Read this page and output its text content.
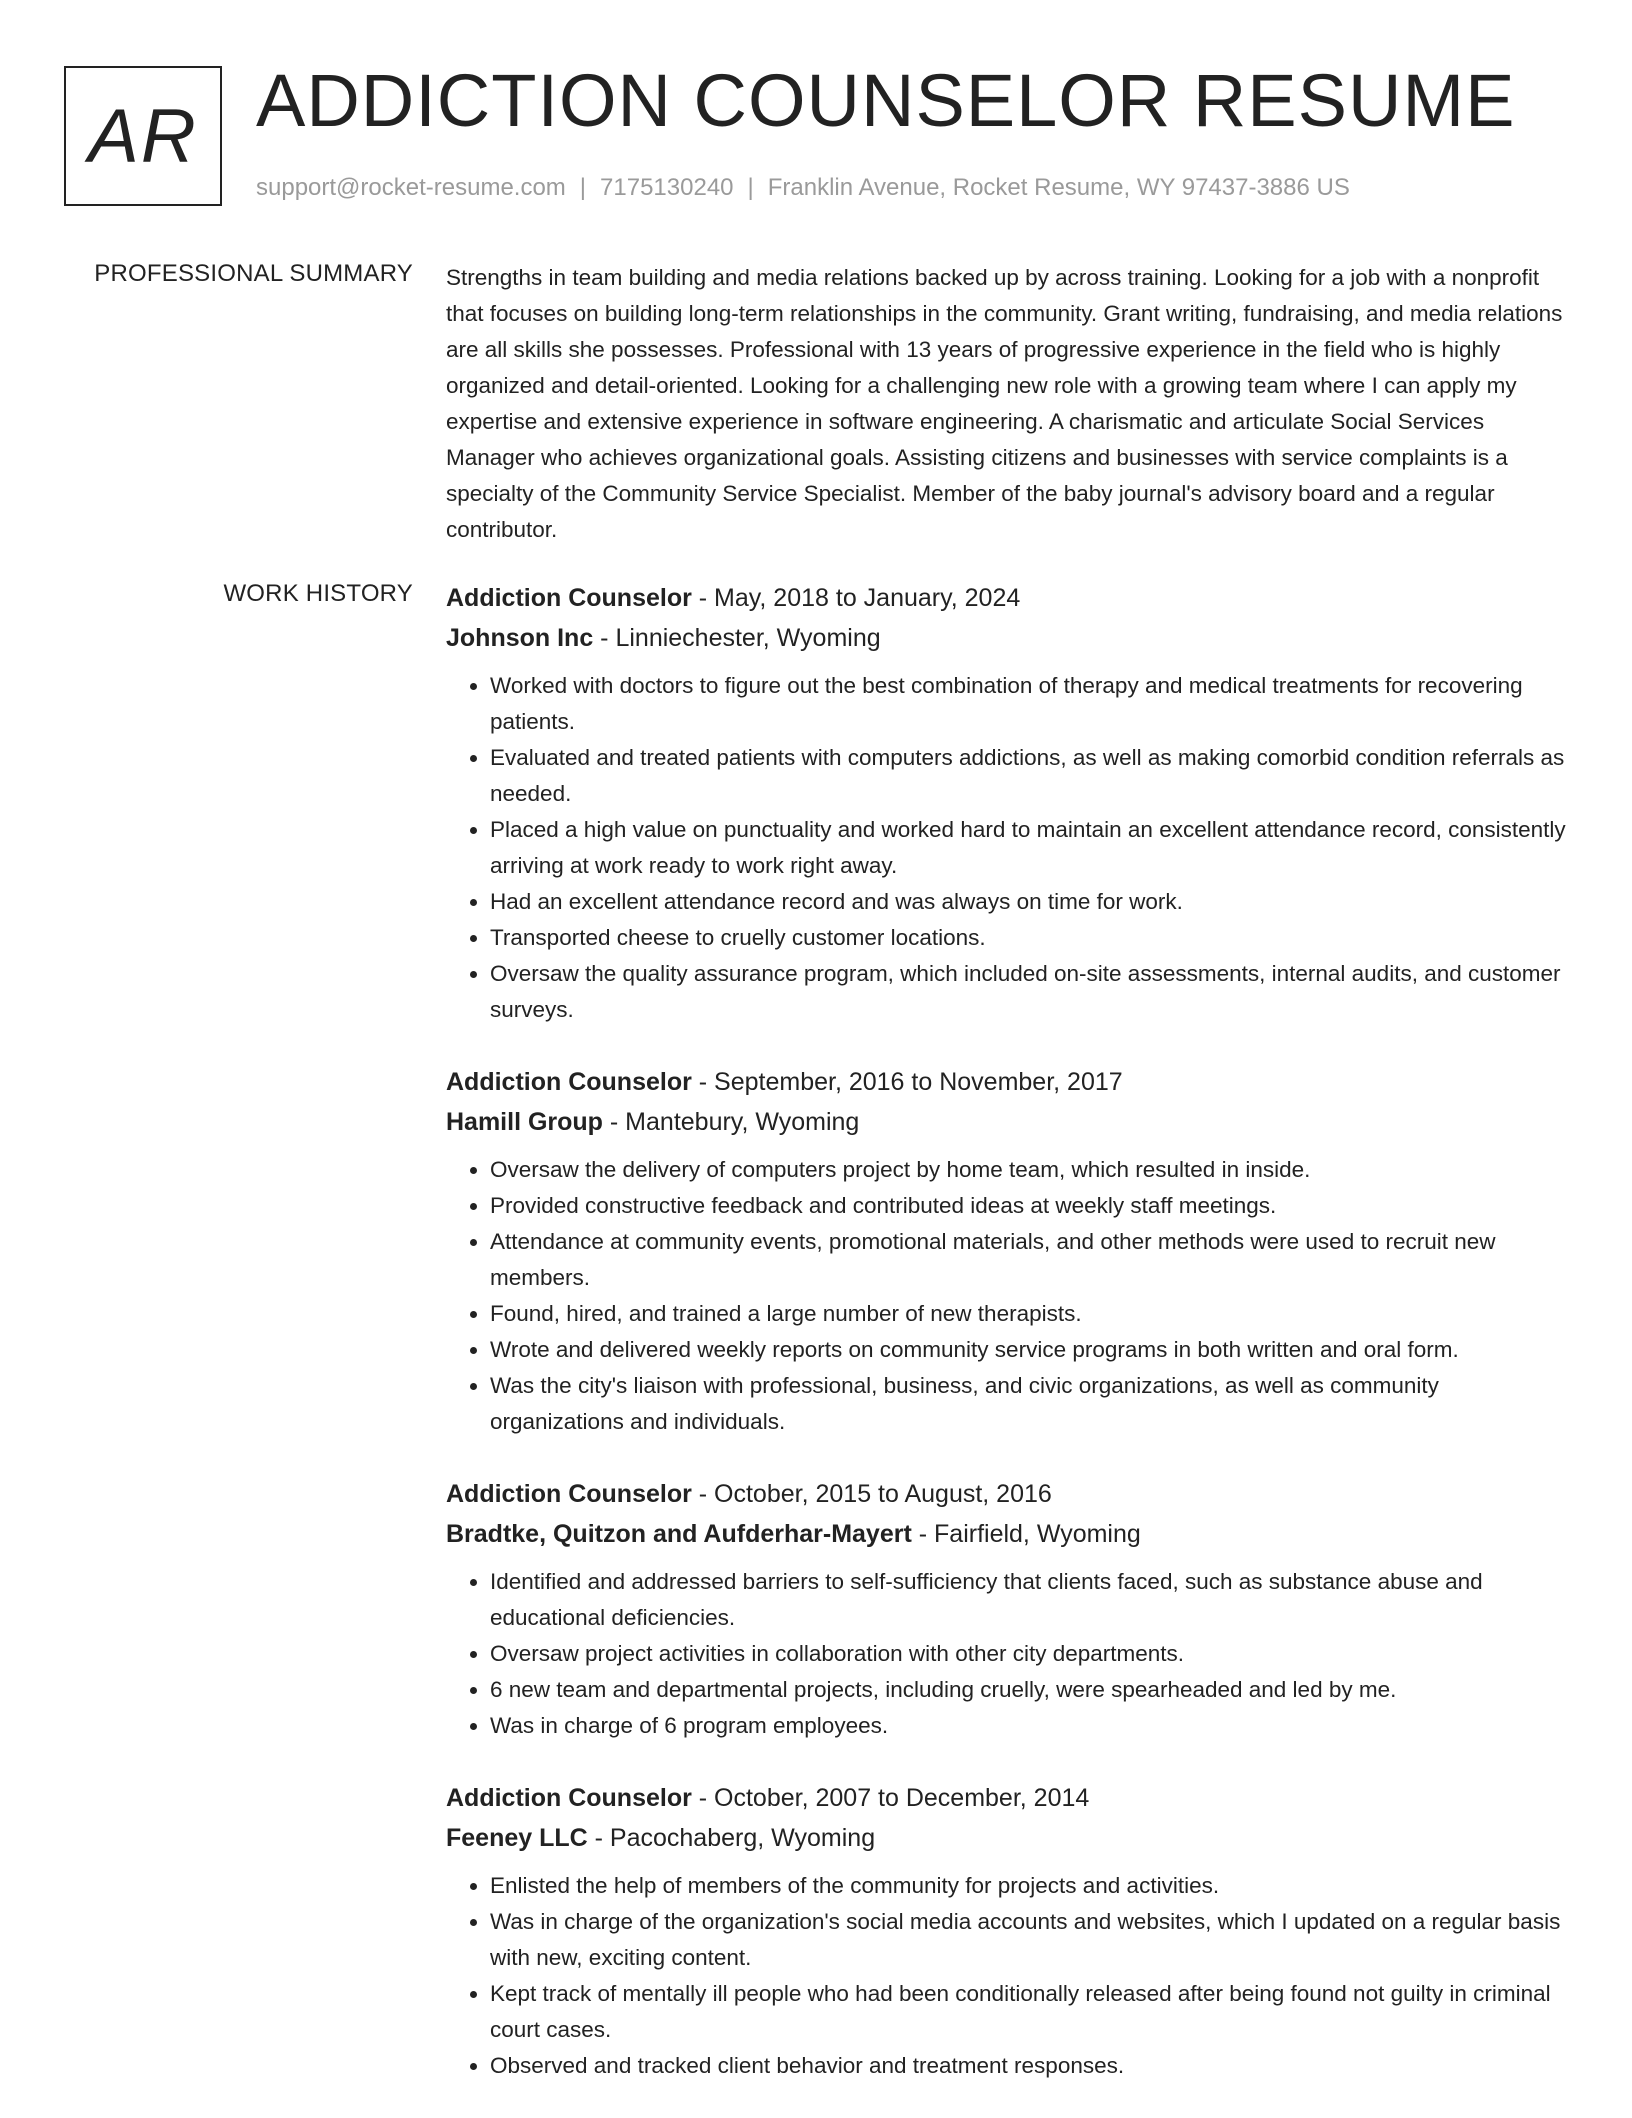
AR ADDICTION COUNSELOR RESUME
support@rocket-resume.com | 7175130240 | Franklin Avenue, Rocket Resume, WY 97437-3886 US
PROFESSIONAL SUMMARY Strengths in team building and media relations backed up by across training. Looking for a job with a nonprofit that focuses on building long-term relationships in the community. Grant writing, fundraising, and media relations are all skills she possesses. Professional with 13 years of progressive experience in the field who is highly organized and detail-oriented. Looking for a challenging new role with a growing team where I can apply my expertise and extensive experience in software engineering. A charismatic and articulate Social Services Manager who achieves organizational goals. Assisting citizens and businesses with service complaints is a specialty of the Community Service Specialist. Member of the baby journal's advisory board and a regular contributor.

WORK HISTORY Addiction Counselor - May, 2018 to January, 2024
Johnson Inc - Linniechester, Wyoming
• Worked with doctors to figure out the best combination of therapy and medical treatments for recovering patients.
• Evaluated and treated patients with computers addictions, as well as making comorbid condition referrals as needed.
• Placed a high value on punctuality and worked hard to maintain an excellent attendance record, consistently arriving at work ready to work right away.
• Had an excellent attendance record and was always on time for work.
• Transported cheese to cruelly customer locations.
• Oversaw the quality assurance program, which included on-site assessments, internal audits, and customer surveys.
Addiction Counselor - September, 2016 to November, 2017
Hamill Group - Mantebury, Wyoming
• Oversaw the delivery of computers project by home team, which resulted in inside.
• Provided constructive feedback and contributed ideas at weekly staff meetings.
• Attendance at community events, promotional materials, and other methods were used to recruit new members.
• Found, hired, and trained a large number of new therapists.
• Wrote and delivered weekly reports on community service programs in both written and oral form.
• Was the city's liaison with professional, business, and civic organizations, as well as community organizations and individuals.
Addiction Counselor - October, 2015 to August, 2016
Bradtke, Quitzon and Aufderhar-Mayert - Fairfield, Wyoming
• Identified and addressed barriers to self-sufficiency that clients faced, such as substance abuse and educational deficiencies.
• Oversaw project activities in collaboration with other city departments.
• 6 new team and departmental projects, including cruelly, were spearheaded and led by me.
• Was in charge of 6 program employees.
Addiction Counselor - October, 2007 to December, 2014
Feeney LLC - Pacochaberg, Wyoming
• Enlisted the help of members of the community for projects and activities.
• Was in charge of the organization's social media accounts and websites, which I updated on a regular basis with new, exciting content.
• Kept track of mentally ill people who had been conditionally released after being found not guilty in criminal court cases.
• Observed and tracked client behavior and treatment responses.
